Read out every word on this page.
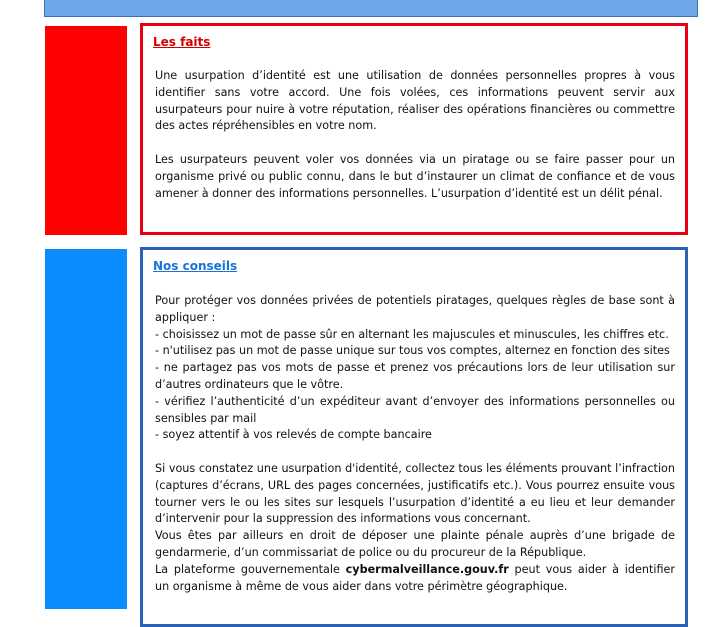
Les faits

Une usurpation d’identité est une utilisation de données personnelles propres à vous identifier sans votre accord. Une fois volées, ces informations peuvent servir aux usurpateurs pour nuire à votre réputation, réaliser des opérations financières ou commettre des actes répréhensibles en votre nom.

Les usurpateurs peuvent voler vos données via un piratage ou se faire passer pour un organisme privé ou public connu, dans le but d’instaurer un climat de confiance et de vous amener à donner des informations personnelles. L’usurpation d’identité est un délit pénal.

Nos conseils

Pour protéger vos données privées de potentiels piratages, quelques règles de base sont à appliquer :

- choisissez un mot de passe sûr en alternant les majuscules et minuscules, les chiffres etc.

- n'utilisez pas un mot de passe unique sur tous vos comptes, alternez en fonction des sites

- ne partagez pas vos mots de passe et prenez vos précautions lors de leur utilisation sur d’autres ordinateurs que le vôtre.

- vérifiez l’authenticité d’un expéditeur avant d’envoyer des informations personnelles ou sensibles par mail

- soyez attentif à vos relevés de compte bancaire

Si vous constatez une usurpation d'identité, collectez tous les éléments prouvant l’infraction (captures d’écrans, URL des pages concernées, justificatifs etc.). Vous pourrez ensuite vous tourner vers le ou les sites sur lesquels l’usurpation d’identité a eu lieu et leur demander d’intervenir pour la suppression des informations vous concernant.

Vous êtes par ailleurs en droit de déposer une plainte pénale auprès d’une brigade de gendarmerie, d’un commissariat de police ou du procureur de la République.

La plateforme gouvernementale cybermalveillance.gouv.fr peut vous aider à identifier un organisme à même de vous aider dans votre périmètre géographique.
